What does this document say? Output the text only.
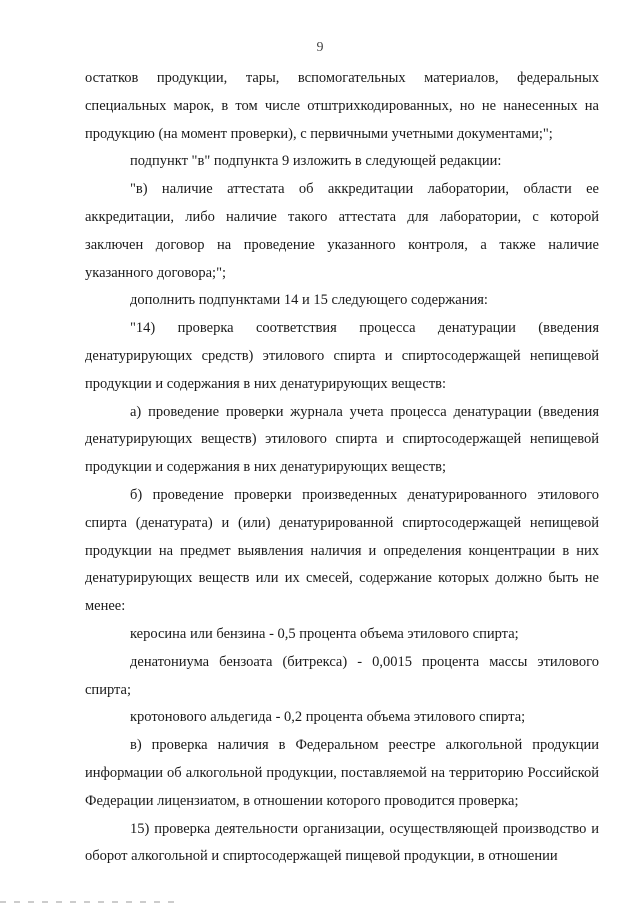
9

остатков продукции, тары, вспомогательных материалов, федеральных специальных марок, в том числе отштрихкодированных, но не нанесенных на продукцию (на момент проверки), с первичными учетными документами;";

подпункт "в" подпункта 9 изложить в следующей редакции:

"в) наличие аттестата об аккредитации лаборатории, области ее аккредитации, либо наличие такого аттестата для лаборатории, с которой заключен договор на проведение указанного контроля, а также наличие указанного договора;";

дополнить подпунктами 14 и 15 следующего содержания:

"14) проверка соответствия процесса денатурации (введения денатурирующих средств) этилового спирта и спиртосодержащей непищевой продукции и содержания в них денатурирующих веществ:

а) проведение проверки журнала учета процесса денатурации (введения денатурирующих веществ) этилового спирта и спиртосодержащей непищевой продукции и содержания в них денатурирующих веществ;

б) проведение проверки произведенных денатурированного этилового спирта (денатурата) и (или) денатурированной спиртосодержащей непищевой продукции на предмет выявления наличия и определения концентрации в них денатурирующих веществ или их смесей, содержание которых должно быть не менее:

керосина или бензина - 0,5 процента объема этилового спирта;

денатониума бензоата (битрекса) - 0,0015 процента массы этилового спирта;

кротонового альдегида - 0,2 процента объема этилового спирта;

в) проверка наличия в Федеральном реестре алкогольной продукции информации об алкогольной продукции, поставляемой на территорию Российской Федерации лицензиатом, в отношении которого проводится проверка;

15) проверка деятельности организации, осуществляющей производство и оборот алкогольной и спиртосодержащей пищевой продукции, в отношении
